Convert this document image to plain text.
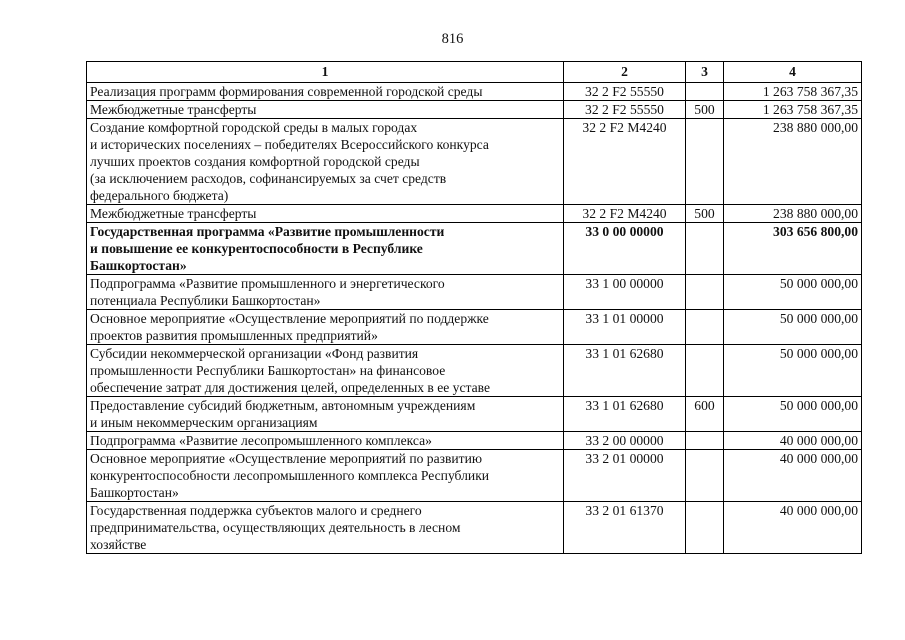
816
1	2	3	4

Реализация программ формирования современной городской среды	32 2 F2 55550		1 263 758 367,35

Межбюджетные трансферты	32 2 F2 55550	500	1 263 758 367,35

Создание комфортной городской среды в малых городах
и исторических поселениях – победителях Всероссийского конкурса
лучших проектов создания комфортной городской среды
(за исключением расходов, софинансируемых за счет средств
федерального бюджета)	32 2 F2 M4240		238 880 000,00

Межбюджетные трансферты	32 2 F2 M4240	500	238 880 000,00

Государственная программа «Развитие промышленности
и повышение ее конкурентоспособности в Республике
Башкортостан»	33 0 00 00000		303 656 800,00

Подпрограмма «Развитие промышленного и энергетического
потенциала Республики Башкортостан»	33 1 00 00000		50 000 000,00

Основное мероприятие «Осуществление мероприятий по поддержке
проектов развития промышленных предприятий»	33 1 01 00000		50 000 000,00

Субсидии некоммерческой организации «Фонд развития
промышленности Республики Башкортостан» на финансовое
обеспечение затрат для достижения целей, определенных в ее уставе	33 1 01 62680		50 000 000,00

Предоставление субсидий бюджетным, автономным учреждениям
и иным некоммерческим организациям	33 1 01 62680	600	50 000 000,00

Подпрограмма «Развитие лесопромышленного комплекса»	33 2 00 00000		40 000 000,00

Основное мероприятие «Осуществление мероприятий по развитию
конкурентоспособности лесопромышленного комплекса Республики
Башкортостан»	33 2 01 00000		40 000 000,00

Государственная поддержка субъектов малого и среднего
предпринимательства, осуществляющих деятельность в лесном
хозяйстве	33 2 01 61370		40 000 000,00
